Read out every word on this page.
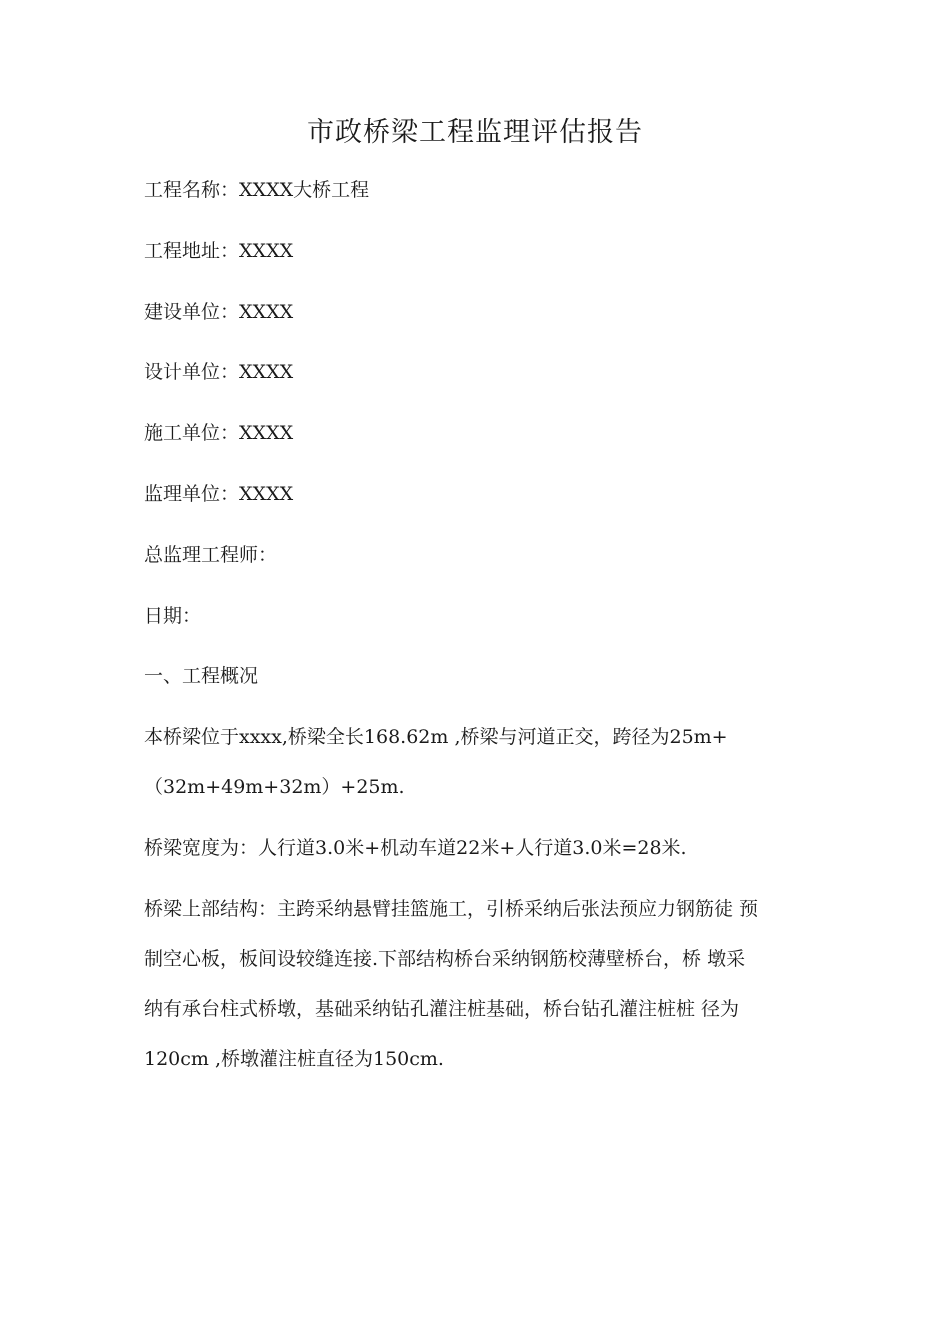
市政桥梁工程监理评估报告
工程名称：XXXX大桥工程
工程地址：XXXX
建设单位：XXXX
设计单位：XXXX
施工单位：XXXX
监理单位：XXXX
总监理工程师：
日期：
一、工程概况
本桥梁位于xxxx,桥梁全长168.62m ,桥梁与河道正交，跨径为25m+
（32m+49m+32m）+25m.
桥梁宽度为：人行道3.0米+机动车道22米+人行道3.0米=28米.
桥梁上部结构：主跨采纳悬臂挂篮施工，引桥采纳后张法预应力钢筋徒 预
制空心板，板间设较缝连接.下部结构桥台采纳钢筋校薄壁桥台，桥 墩采
纳有承台柱式桥墩，基础采纳钻孔灌注桩基础，桥台钻孔灌注桩桩 径为
120cm ,桥墩灌注桩直径为150cm.
